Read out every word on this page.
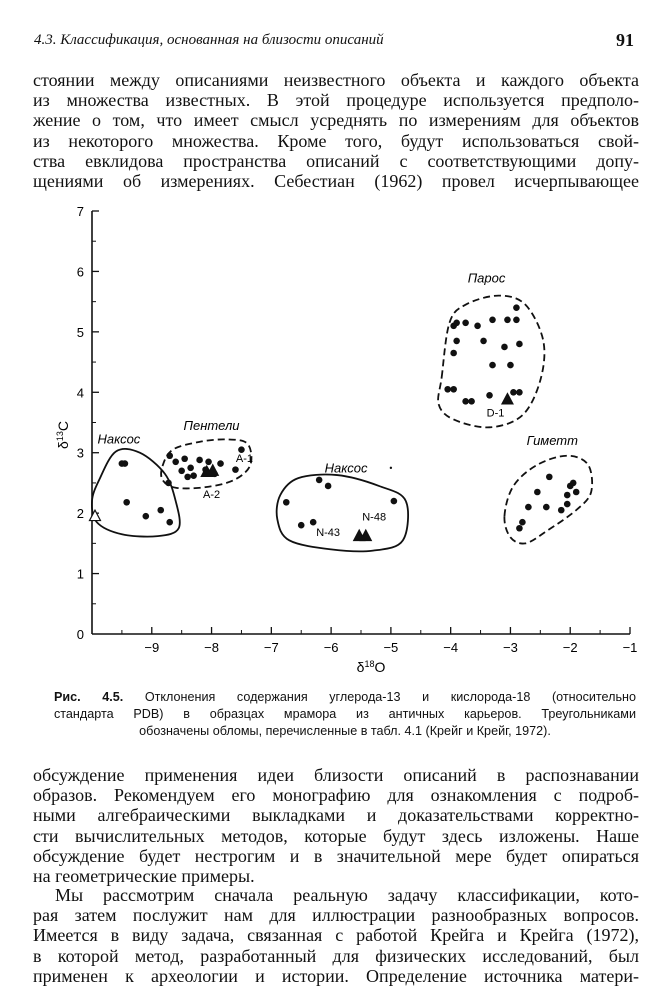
4.3. Классификация, основанная на близости описаний	91
стоянии между описаниями неизвестного объекта и каждого объекта
из множества известных. В этой процедуре используется предполо-
жение о том, что имеет смысл усреднять по измерениям для объектов
из некоторого множества. Кроме того, будут использоваться свой-
ства евклидова пространства описаний с соответствующими допу-
щениями об измерениях. Себестиан (1962) провел исчерпывающее
−9	−8	−7	−6	−5	−4	−3	−2	−1
1
2
3
4
5
6
7
0
$\delta^{18}O$
$\delta^{13}C$
Наксос
Пентели
A-1
A-2
Наксос
N-43
N-48
Парос
D-1
Гиметт
Рис. 4.5. Отклонения содержания углерода-13 и кислорода-18 (относительно
стандарта PDB) в образцах мрамора из античных карьеров. Треугольниками
обозначены обломы, перечисленные в табл. 4.1 (Крейг и Крейг, 1972).
обсуждение применения идеи близости описаний в распознавании
образов. Рекомендуем его монографию для ознакомления с подроб-
ными алгебраическими выкладками и доказательствами корректно-
сти вычислительных методов, которые будут здесь изложены. Наше
обсуждение будет нестрогим и в значительной мере будет опираться
на геометрические примеры.
Мы рассмотрим сначала реальную задачу классификации, кото-
рая затем послужит нам для иллюстрации разнообразных вопросов.
Имеется в виду задача, связанная с работой Крейга и Крейга (1972),
в которой метод, разработанный для физических исследований, был
применен к археологии и истории. Определение источника матери-
